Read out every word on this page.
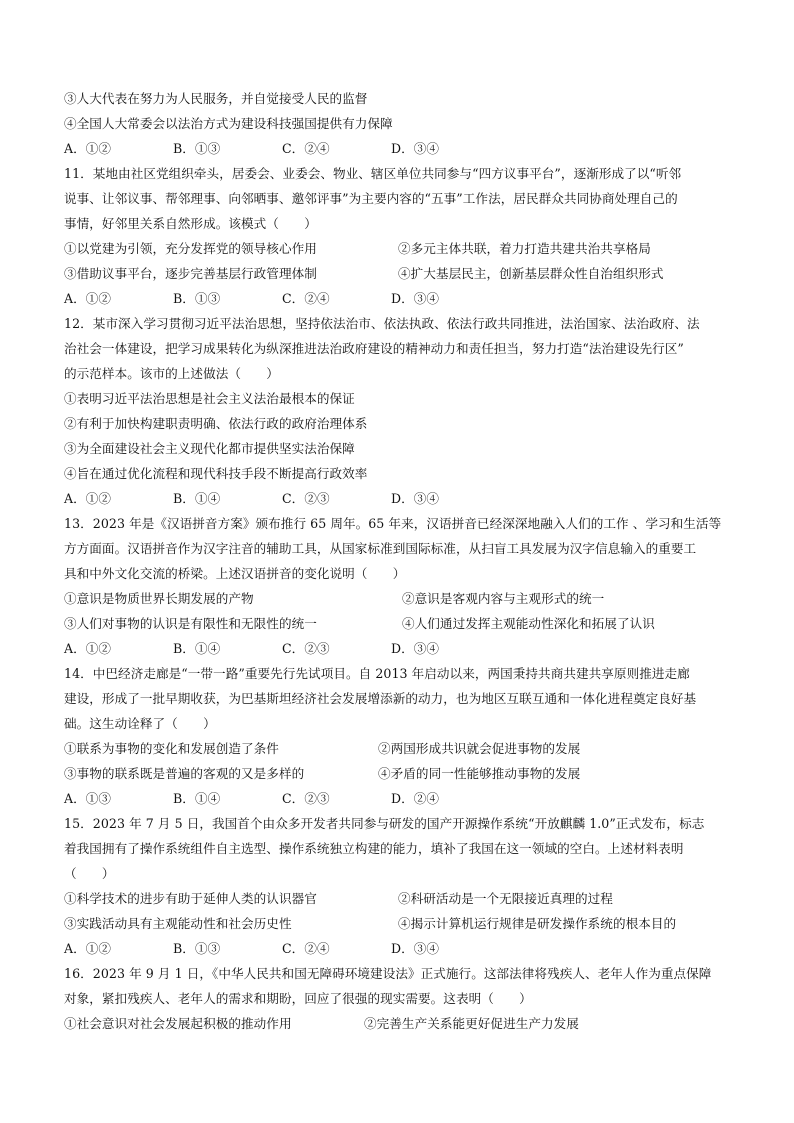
③人大代表在努力为人民服务，并自觉接受人民的监督
④全国人大常委会以法治方式为建设科技强国提供有力保障
A．①②	B．①③	C．②④	D．③④
11．某地由社区党组织牵头，居委会、业委会、物业、辖区单位共同参与“四方议事平台”，逐渐形成了以“听邻
说事、让邻议事、帮邻理事、向邻晒事、邀邻评事”为主要内容的“五事”工作法，居民群众共同协商处理自己的
事情，好邻里关系自然形成。该模式（　　）
①以党建为引领，充分发挥党的领导核心作用	②多元主体共联，着力打造共建共治共享格局
③借助议事平台，逐步完善基层行政管理体制	④扩大基层民主，创新基层群众性自治组织形式
A．①②	B．①③	C．②④	D．③④
12．某市深入学习贯彻习近平法治思想，坚持依法治市、依法执政、依法行政共同推进，法治国家、法治政府、法
治社会一体建设，把学习成果转化为纵深推进法治政府建设的精神动力和责任担当，努力打造“法治建设先行区”
的示范样本。该市的上述做法（　　）
①表明习近平法治思想是社会主义法治最根本的保证
②有利于加快构建职责明确、依法行政的政府治理体系
③为全面建设社会主义现代化都市提供坚实法治保障
④旨在通过优化流程和现代科技手段不断提高行政效率
A．①②	B．①④	C．②③	D．③④
13．2023 年是《汉语拼音方案》颁布推行 65 周年。65 年来，汉语拼音已经深深地融入人们的工作 、学习和生活等
方方面面。汉语拼音作为汉字注音的辅助工具，从国家标准到国际标准，从扫盲工具发展为汉字信息输入的重要工
具和中外文化交流的桥梁。上述汉语拼音的变化说明（　　）
①意识是物质世界长期发展的产物	②意识是客观内容与主观形式的统一
③人们对事物的认识是有限性和无限性的统一	④人们通过发挥主观能动性深化和拓展了认识
A．①②	B．①④	C．②③	D．③④
14．中巴经济走廊是“一带一路”重要先行先试项目。自 2013 年启动以来，两国秉持共商共建共享原则推进走廊
建设，形成了一批早期收获，为巴基斯坦经济社会发展增添新的动力，也为地区互联互通和一体化进程奠定良好基
础。这生动诠释了（　　）
①联系为事物的变化和发展创造了条件	②两国形成共识就会促进事物的发展
③事物的联系既是普遍的客观的又是多样的	④矛盾的同一性能够推动事物的发展
A．①③	B．①④	C．②③	D．②④
15．2023 年 7 月 5 日，我国首个由众多开发者共同参与研发的国产开源操作系统“开放麒麟 1.0”正式发布，标志
着我国拥有了操作系统组件自主选型、操作系统独立构建的能力，填补了我国在这一领域的空白。上述材料表明
（　　）
①科学技术的进步有助于延伸人类的认识器官	②科研活动是一个无限接近真理的过程
③实践活动具有主观能动性和社会历史性	④揭示计算机运行规律是研发操作系统的根本目的
A．①②	B．①③	C．②④	D．③④
16．2023 年 9 月 1 日，《中华人民共和国无障碍环境建设法》正式施行。这部法律将残疾人、老年人作为重点保障
对象，紧扣残疾人、老年人的需求和期盼，回应了很强的现实需要。这表明（　　）
①社会意识对社会发展起积极的推动作用	②完善生产关系能更好促进生产力发展
